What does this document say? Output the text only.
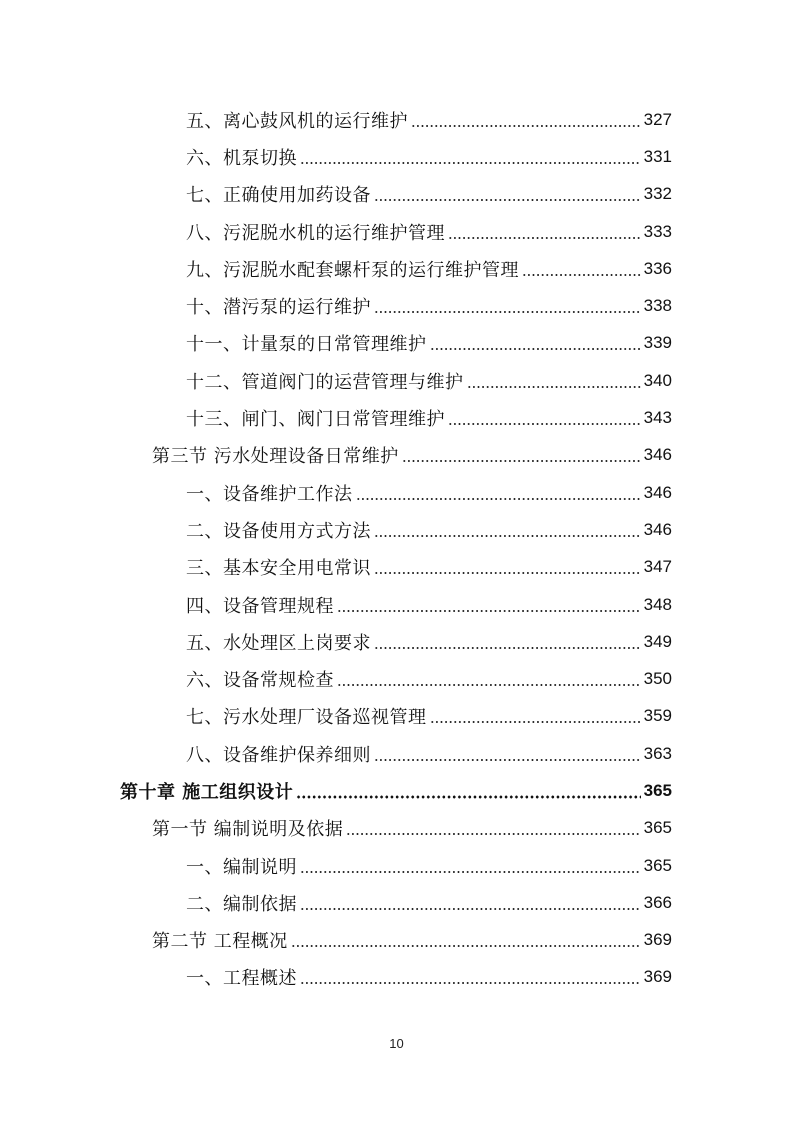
五、离心鼓风机的运行维护	327
六、机泵切换	331
七、正确使用加药设备	332
八、污泥脱水机的运行维护管理	333
九、污泥脱水配套螺杆泵的运行维护管理	336
十、潜污泵的运行维护	338
十一、计量泵的日常管理维护	339
十二、管道阀门的运营管理与维护	340
十三、闸门、阀门日常管理维护	343
第三节 污水处理设备日常维护	346
一、设备维护工作法	346
二、设备使用方式方法	346
三、基本安全用电常识	347
四、设备管理规程	348
五、水处理区上岗要求	349
六、设备常规检查	350
七、污水处理厂设备巡视管理	359
八、设备维护保养细则	363
第十章 施工组织设计	365
第一节 编制说明及依据	365
一、编制说明	365
二、编制依据	366
第二节 工程概况	369
一、工程概述	369
10
